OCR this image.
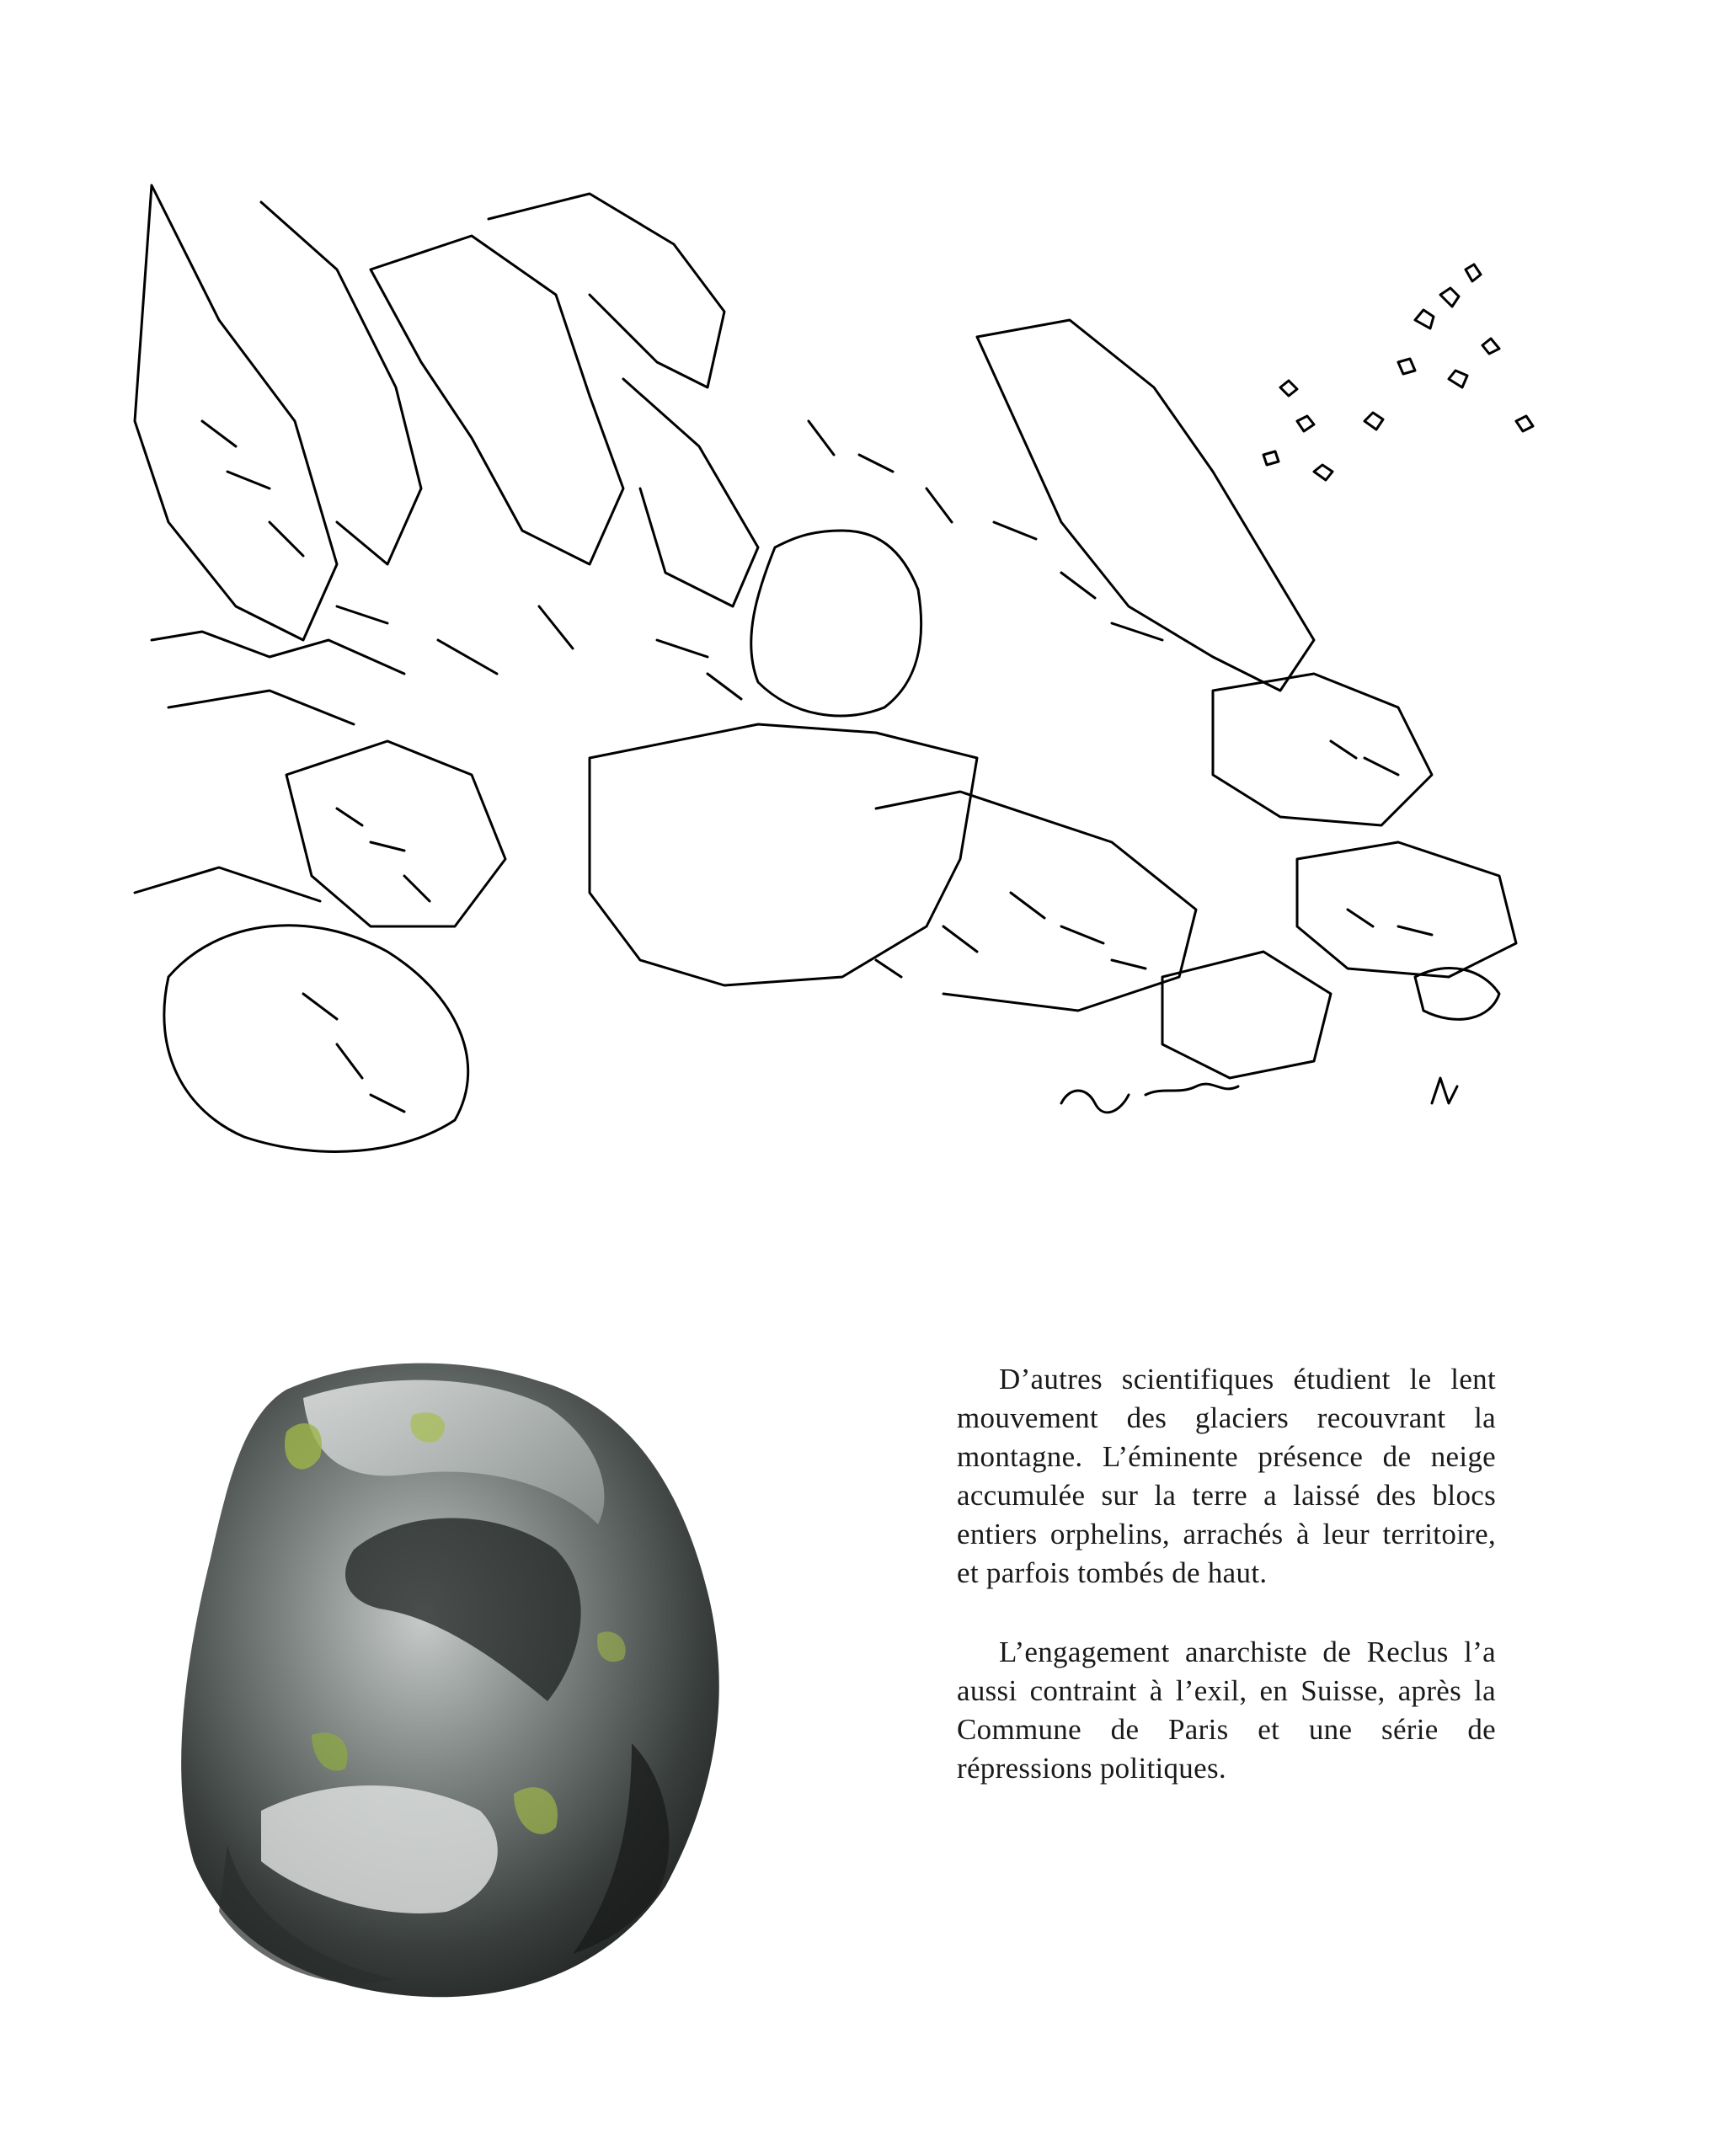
D’autres scientifiques étudient le lent mouvement des glaciers recouvrant la montagne. L’éminente présence de neige accumulée sur la terre a laissé des blocs entiers orphelins, arrachés à leur territoire, et parfois tombés de haut.

L’engagement anarchiste de Reclus l’a aussi contraint à l’exil, en Suisse, après la Commune de Paris et une série de répressions politiques.
